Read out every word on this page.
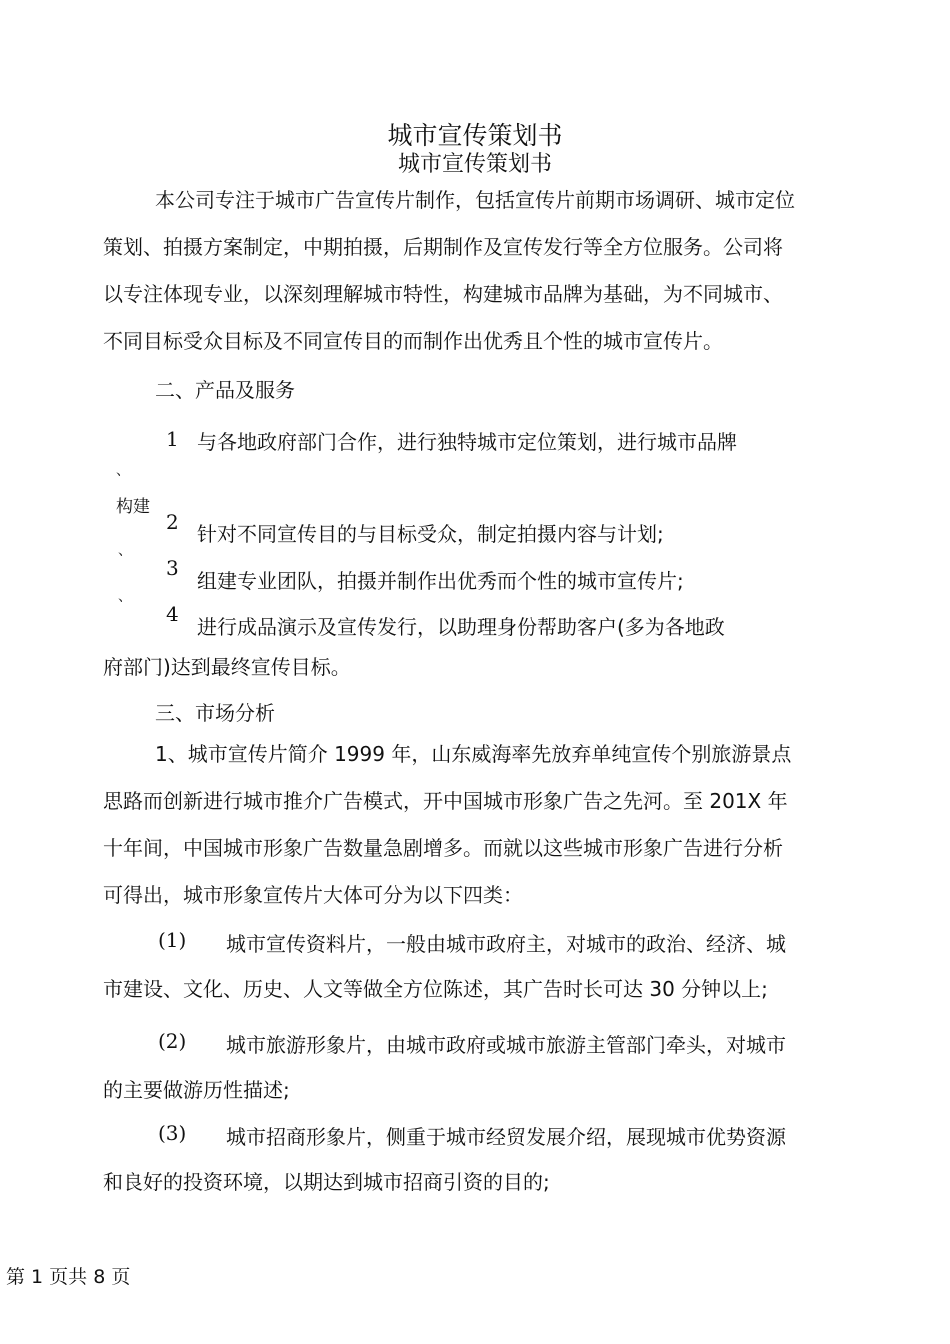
城市宣传策划书
城市宣传策划书
本公司专注于城市广告宣传片制作，包括宣传片前期市场调研、城市定位
策划、拍摄方案制定，中期拍摄，后期制作及宣传发行等全方位服务。公司将
以专注体现专业，以深刻理解城市特性，构建城市品牌为基础，为不同城市、
不同目标受众目标及不同宣传目的而制作出优秀且个性的城市宣传片。
二、产品及服务
1 与各地政府部门合作，进行独特城市定位策划，进行城市品牌
、
构建
2 针对不同宣传目的与目标受众，制定拍摄内容与计划;
、
3
组建专业团队，拍摄并制作出优秀而个性的城市宣传片;
、
4
进行成品演示及宣传发行，以助理身份帮助客户(多为各地政
府部门)达到最终宣传目标。
三、市场分析
1、城市宣传片简介 1999 年，山东威海率先放弃单纯宣传个别旅游景点
思路而创新进行城市推介广告模式，开中国城市形象广告之先河。至 201X 年
十年间，中国城市形象广告数量急剧增多。而就以这些城市形象广告进行分析
可得出，城市形象宣传片大体可分为以下四类：
(1) 城市宣传资料片，一般由城市政府主，对城市的政治、经济、城
市建设、文化、历史、人文等做全方位陈述，其广告时长可达 30 分钟以上;
(2) 城市旅游形象片，由城市政府或城市旅游主管部门牵头，对城市
的主要做游历性描述;
(3) 城市招商形象片，侧重于城市经贸发展介绍，展现城市优势资源
和良好的投资环境，以期达到城市招商引资的目的;
第 1 页共 8 页
